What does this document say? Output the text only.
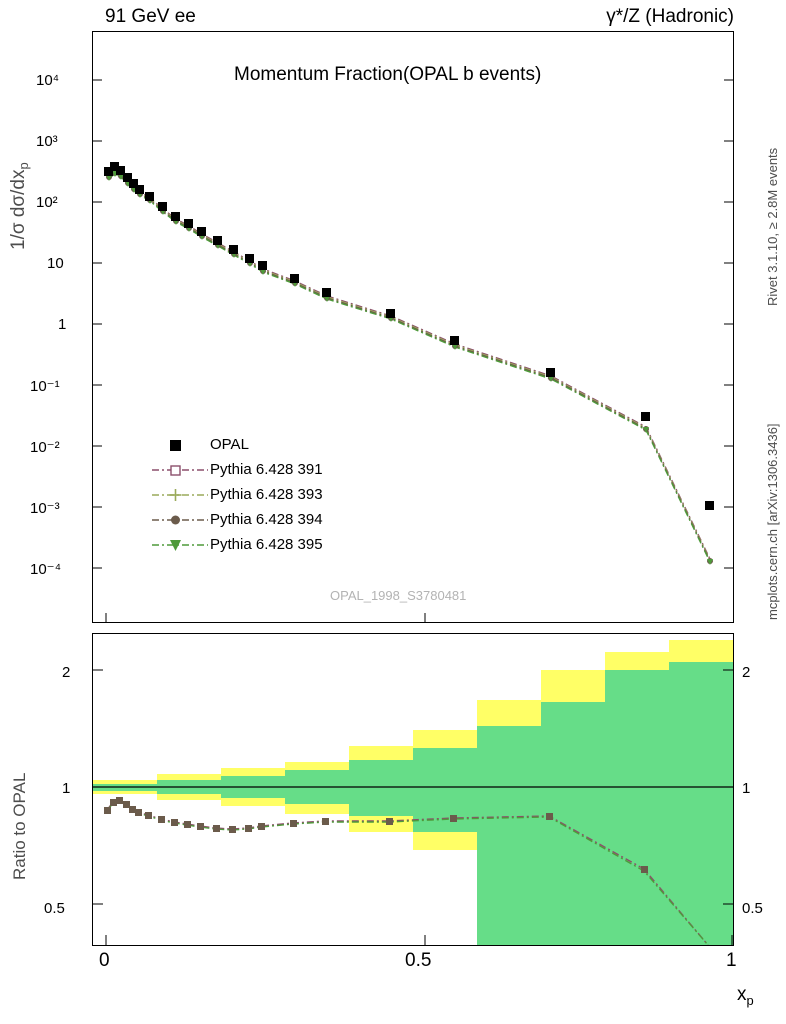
91 GeV ee	γ*/Z (Hadronic)
Rivet 3.1.10, ≥ 2.8M events
mcplots.cern.ch [arXiv:1306.3436]
Momentum Fraction(OPAL b events)
1/σ $d\sigma/dx_p$
10⁴
10³
10²
10
1
10⁻¹
10⁻²
10⁻³
10⁻⁴
OPAL
Pythia 6.428 391
Pythia 6.428 393
Pythia 6.428 394
Pythia 6.428 395
OPAL_1998_S3780481
Ratio to OPAL
2
1
0.5
2
1
0.5
0	0.5	1
$x_p$
